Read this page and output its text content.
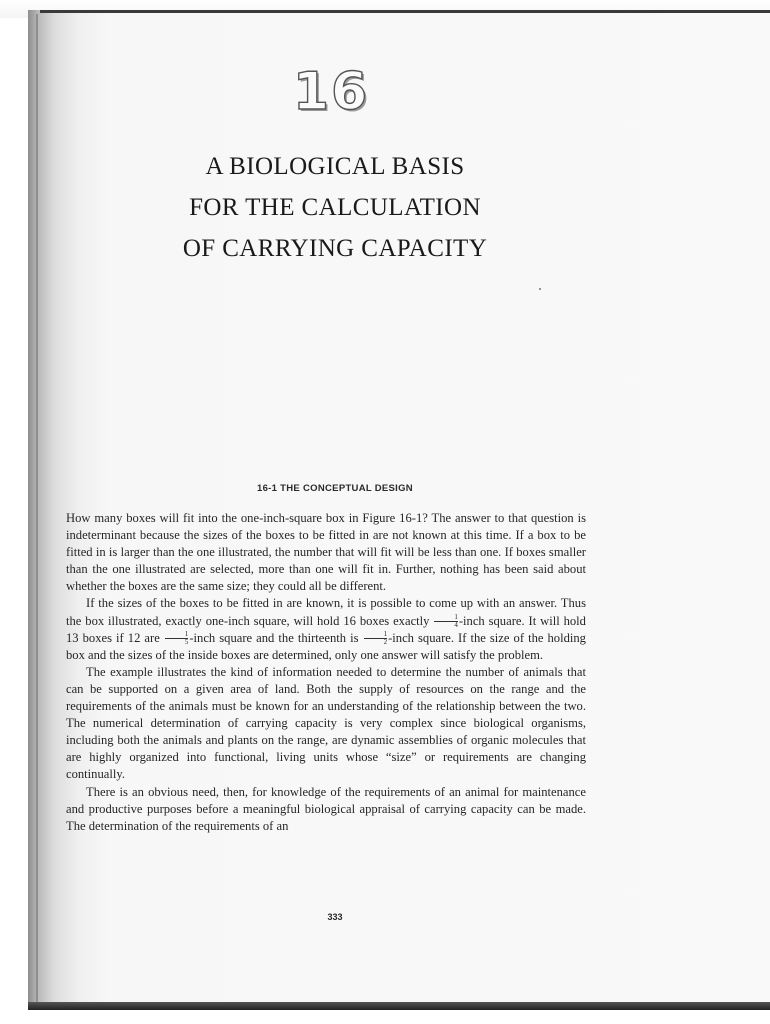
16
A BIOLOGICAL BASIS
FOR THE CALCULATION
OF CARRYING CAPACITY
16-1 THE CONCEPTUAL DESIGN

How many boxes will fit into the one-inch-square box in Figure 16-1? The answer to that question is indeterminant because the sizes of the boxes to be fitted in are not known at this time. If a box to be fitted in is larger than the one illustrated, the number that will fit will be less than one. If boxes smaller than the one illustrated are selected, more than one will fit in. Further, nothing has been said about whether the boxes are the same size; they could all be different.

If the sizes of the boxes to be fitted in are known, it is possible to come up with an answer. Thus the box illustrated, exactly one-inch square, will hold 16 boxes exactly $\frac{1}{4}$ -inch square. It will hold 13 boxes if 12 are $\frac{1}{5}$ -inch square and the thirteenth is $\frac{1}{2}$ -inch square. If the size of the holding box and the sizes of the inside boxes are determined, only one answer will satisfy the problem.

The example illustrates the kind of information needed to determine the number of animals that can be supported on a given area of land. Both the supply of resources on the range and the requirements of the animals must be known for an understanding of the relationship between the two. The numerical determination of carrying capacity is very complex since biological organisms, including both the animals and plants on the range, are dynamic assemblies of organic molecules that are highly organized into functional, living units whose “size” or requirements are changing continually.

There is an obvious need, then, for knowledge of the requirements of an animal for maintenance and productive purposes before a meaningful biological appraisal of carrying capacity can be made. The determination of the requirements of an

333
